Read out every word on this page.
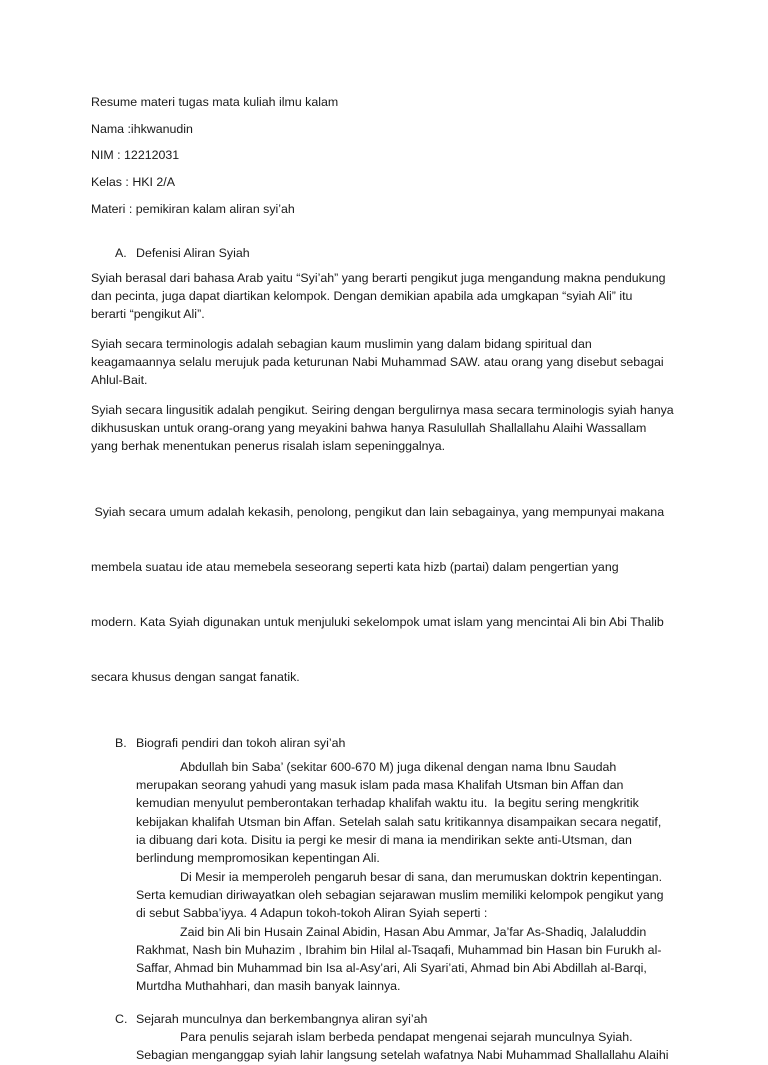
Resume materi tugas mata kuliah ilmu kalam
Nama :ihkwanudin
NIM : 12212031
Kelas : HKI 2/A
Materi : pemikiran kalam aliran syi’ah
A. Defenisi Aliran Syiah
Syiah berasal dari bahasa Arab yaitu “Syi’ah” yang berarti pengikut juga mengandung makna pendukung
dan pecinta, juga dapat diartikan kelompok. Dengan demikian apabila ada umgkapan “syiah Ali” itu
berarti “pengikut Ali”.
Syiah secara terminologis adalah sebagian kaum muslimin yang dalam bidang spiritual dan
keagamaannya selalu merujuk pada keturunan Nabi Muhammad SAW. atau orang yang disebut sebagai
Ahlul-Bait.
Syiah secara lingusitik adalah pengikut. Seiring dengan bergulirnya masa secara terminologis syiah hanya
dikhususkan untuk orang-orang yang meyakini bahwa hanya Rasulullah Shallallahu Alaihi Wassallam
yang berhak menentukan penerus risalah islam sepeninggalnya.

Syiah secara umum adalah kekasih, penolong, pengikut dan lain sebagainya, yang mempunyai makana

membela suatau ide atau memebela seseorang seperti kata hizb (partai) dalam pengertian yang

modern. Kata Syiah digunakan untuk menjuluki sekelompok umat islam yang mencintai Ali bin Abi Thalib

secara khusus dengan sangat fanatik.

B. Biografi pendiri dan tokoh aliran syi’ah
Abdullah bin Saba’ (sekitar 600-670 M) juga dikenal dengan nama Ibnu Saudah
merupakan seorang yahudi yang masuk islam pada masa Khalifah Utsman bin Affan dan
kemudian menyulut pemberontakan terhadap khalifah waktu itu.  Ia begitu sering mengkritik
kebijakan khalifah Utsman bin Affan. Setelah salah satu kritikannya disampaikan secara negatif,
ia dibuang dari kota. Disitu ia pergi ke mesir di mana ia mendirikan sekte anti-Utsman, dan
berlindung mempromosikan kepentingan Ali.
Di Mesir ia memperoleh pengaruh besar di sana, dan merumuskan doktrin kepentingan.
Serta kemudian diriwayatkan oleh sebagian sejarawan muslim memiliki kelompok pengikut yang
di sebut Sabba’iyya. 4 Adapun tokoh-tokoh Aliran Syiah seperti :
Zaid bin Ali bin Husain Zainal Abidin, Hasan Abu Ammar, Ja’far As-Shadiq, Jalaluddin
Rakhmat, Nash bin Muhazim , Ibrahim bin Hilal al-Tsaqafi, Muhammad bin Hasan bin Furukh al-
Saffar, Ahmad bin Muhammad bin Isa al-Asy’ari, Ali Syari’ati, Ahmad bin Abi Abdillah al-Barqi,
Murtdha Muthahhari, dan masih banyak lainnya.
C. Sejarah munculnya dan berkembangnya aliran syi’ah
Para penulis sejarah islam berbeda pendapat mengenai sejarah munculnya Syiah.
Sebagian menganggap syiah lahir langsung setelah wafatnya Nabi Muhammad Shallallahu Alaihi
